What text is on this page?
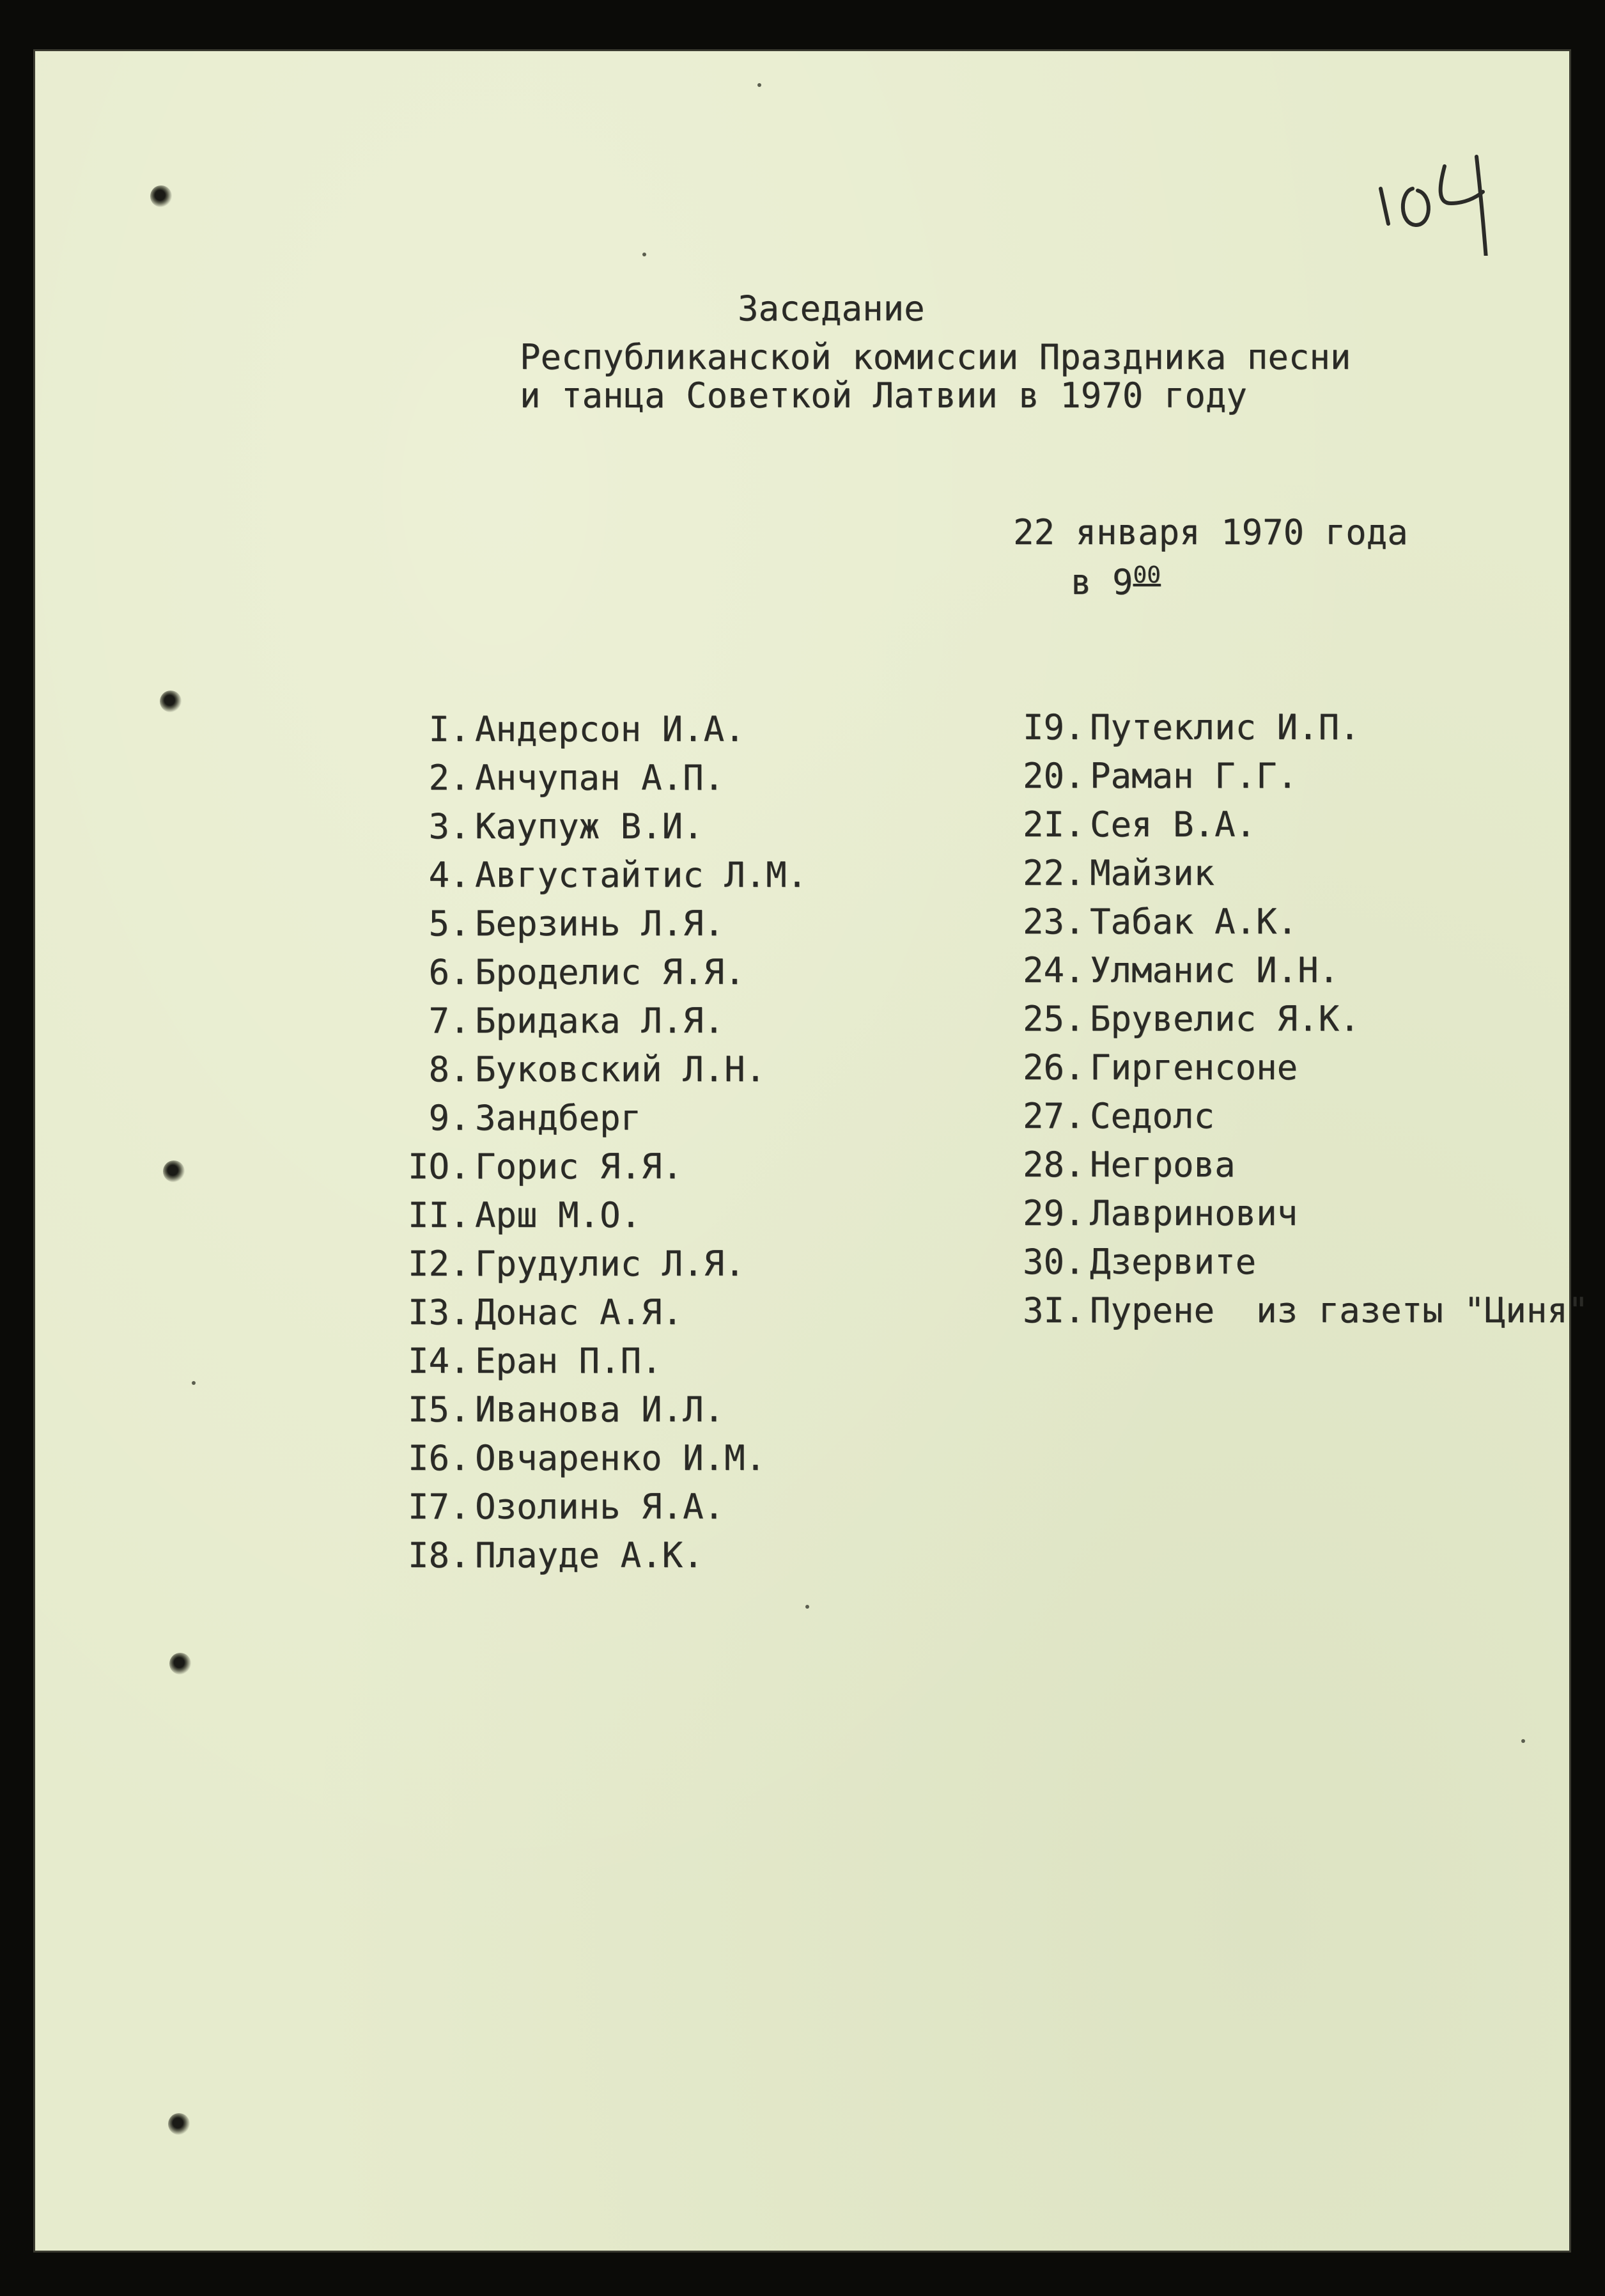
Заседание
Республиканской комиссии Праздника песни
и танца Советкой Латвии в 1970 году
22 января 1970 года
в $9^{00}$
I. Андерсон И.А.
2. Анчупан А.П.
3. Каупуж В.И.
4. Августайтис Л.М.
5. Берзинь Л.Я.
6. Броделис Я.Я.
7. Бридака Л.Я.
8. Буковский Л.Н.
9. Зандберг
IO. Горис Я.Я.
II. Арш М.О.
I2. Грудулис Л.Я.
I3. Донас А.Я.
I4. Еран П.П.
I5. Иванова И.Л.
I6. Овчаренко И.М.
I7. Озолинь Я.А.
I8. Плауде А.К.
I9. Путеклис И.П.
20. Раман Г.Г.
2I. Сея В.А.
22. Майзик
23. Табак А.К.
24. Улманис И.Н.
25. Брувелис Я.К.
26. Гиргенсоне
27. Седолс
28. Негрова
29. Лавринович
30. Дзервите
3I. Пурене  из газеты "Циня"
